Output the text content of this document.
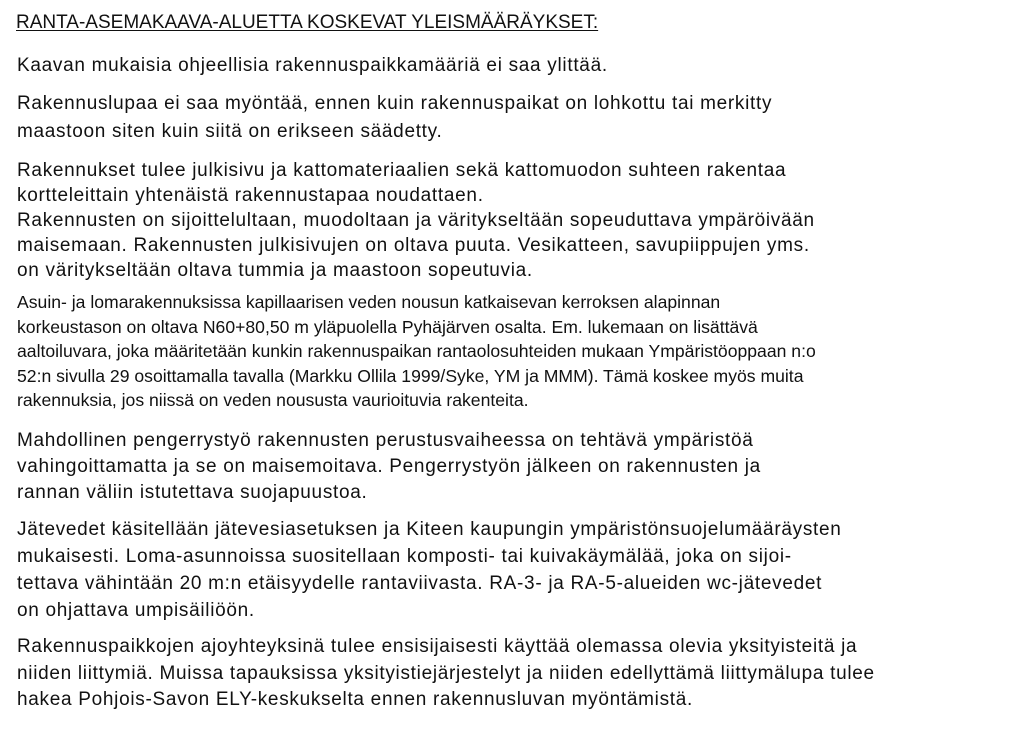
RANTA-ASEMAKAAVA-ALUETTA KOSKEVAT YLEISMÄÄRÄYKSET:
Kaavan mukaisia ohjeellisia rakennuspaikkamääriä ei saa ylittää.
Rakennuslupaa ei saa myöntää, ennen kuin rakennuspaikat on lohkottu tai merkitty
maastoon siten kuin siitä on erikseen säädetty.
Rakennukset tulee julkisivu ja kattomateriaalien sekä kattomuodon suhteen rakentaa
kortteleittain yhtenäistä rakennustapaa noudattaen.
Rakennusten on sijoittelultaan, muodoltaan ja väritykseltään sopeuduttava ympäröivään
maisemaan. Rakennusten julkisivujen on oltava puuta. Vesikatteen, savupiippujen yms.
on väritykseltään oltava tummia ja maastoon sopeutuvia.
Asuin- ja lomarakennuksissa kapillaarisen veden nousun katkaisevan kerroksen alapinnan
korkeustason on oltava N60+80,50 m yläpuolella Pyhäjärven osalta. Em. lukemaan on lisättävä
aaltoiluvara, joka määritetään kunkin rakennuspaikan rantaolosuhteiden mukaan Ympäristöoppaan n:o
52:n sivulla 29 osoittamalla tavalla (Markku Ollila 1999/Syke, YM ja MMM). Tämä koskee myös muita
rakennuksia, jos niissä on veden noususta vaurioituvia rakenteita.
Mahdollinen pengerrystyö rakennusten perustusvaiheessa on tehtävä ympäristöä
vahingoittamatta ja se on maisemoitava. Pengerrystyön jälkeen on rakennusten ja
rannan väliin istutettava suojapuustoa.
Jätevedet käsitellään jätevesiasetuksen ja Kiteen kaupungin ympäristönsuojelumääräysten
mukaisesti. Loma-asunnoissa suositellaan komposti- tai kuivakäymälää, joka on sijoi-
tettava vähintään 20 m:n etäisyydelle rantaviivasta. RA-3- ja RA-5-alueiden wc-jätevedet
on ohjattava umpisäiliöön.
Rakennuspaikkojen ajoyhteyksinä tulee ensisijaisesti käyttää olemassa olevia yksityisteitä ja
niiden liittymiä. Muissa tapauksissa yksityistiejärjestelyt ja niiden edellyttämä liittymälupa tulee
hakea Pohjois-Savon ELY-keskukselta ennen rakennusluvan myöntämistä.
